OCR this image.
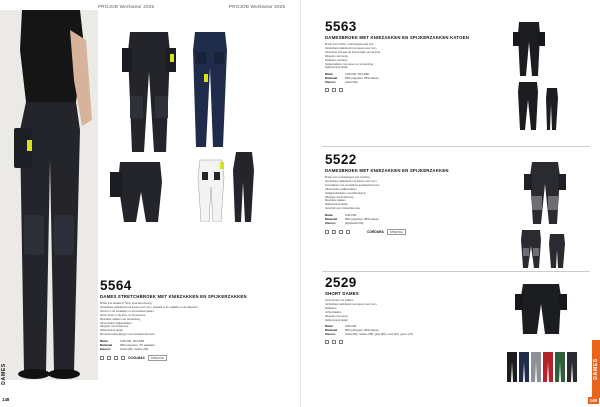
PROJOB Workwear 2025
DAMES
148
5564
DAMES STRETCHBROEK MET KNIEZAKKEN EN SPIJKERZAKKEN
Broek met elastisch, front- & lendenvoering.
Verstelbare tailleband met lussen voor riem, elastiek in de rugtaille en de zijkanten.
Stretch in de zitvlakken en binnenbeennaden.
Extra ruimte in de knie- en kruisruimte.
Meerdere zakken met versterking.
Afneembare spijkerzakken.
Ritsgulp met drukknoop.
Reflecterend detail.
Met knieverstevigingen voor kniebeschermers.
Maten	C36-C50, D72-D96
Materiaal	93% polyester, 7% elastaan
Kleuren	zwart (99), marine (58)
COOLMAX	STRETCH
PROJOB Workwear 2025
DAMES
149
5563
DAMESBROEK MET KNIEZAKKEN EN SPIJKERZAKKEN KATOEN
Broek met zachte, vochtregulerende stof.
Verstelbare tailleband met lussen voor riem.
Versterkte stof aan de binnenzijde van de knie.
Ritsgulp met knoop.
Zijzakken met klep.
Spijkerzakken met lussen en versterking.
Reflecterend detail.
Maten	C36-C50, D72-D96
Materiaal	65% polyester, 35% katoen
Kleuren	zwart (99)
5522
DAMESBROEK MET KNIEZAKKEN EN SPIJKERZAKKEN
Broek met versterkingen van Cordura.
Verstelbare tailleband met lussen voor riem.
Kniezakken met verstelbare kniebeschermers.
Afneembare spijkerzakken.
Veiligheidszakken met klittenband.
Ritsgulp met drukknoop.
Meerdere zakken.
Reflecterend detail.
Geschikt voor industriële was.
Maten	C36-C50
Materiaal	65% polyester, 35% katoen
Kleuren	grijs/zwart (92)
CORDURA	STRETCH
2529
SHORT DAMES
Korte broek met zakken.
Verstelbare tailleband met lussen voor riem.
Zijzakken.
Achterzakken.
Ritsgulp met knoop.
Reflecterend detail.
Maten	C36-C50
Materiaal	65% polyester, 35% katoen
Kleuren	zwart (99), marine (58), grijs (90), rood (40), groen (37)
